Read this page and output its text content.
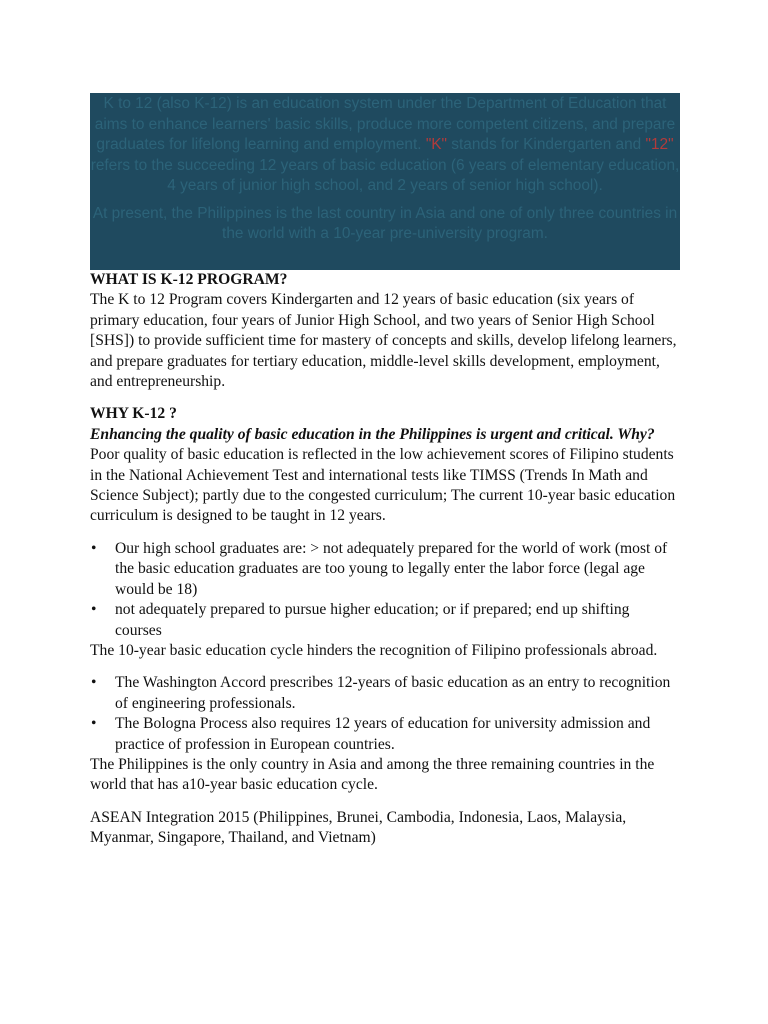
K to 12 (also K-12) is an education system under the Department of Education that aims to enhance learners' basic skills, produce more competent citizens, and prepare graduates for lifelong learning and employment. "K" stands for Kindergarten and "12" refers to the succeeding 12 years of basic education (6 years of elementary education, 4 years of junior high school, and 2 years of senior high school).

At present, the Philippines is the last country in Asia and one of only three countries in the world with a 10-year pre-university program.

WHAT IS K-12 PROGRAM?

The K to 12 Program covers Kindergarten and 12 years of basic education (six years of primary education, four years of Junior High School, and two years of Senior High School [SHS]) to provide sufficient time for mastery of concepts and skills, develop lifelong learners, and prepare graduates for tertiary education, middle-level skills development, employment, and entrepreneurship.

WHY K-12 ?

Enhancing the quality of basic education in the Philippines is urgent and critical. Why?

Poor quality of basic education is reflected in the low achievement scores of Filipino students in the National Achievement Test and international tests like TIMSS (Trends In Math and Science Subject); partly due to the congested curriculum; The current 10-year basic education curriculum is designed to be taught in 12 years.

• Our high school graduates are: > not adequately prepared for the world of work (most of the basic education graduates are too young to legally enter the labor force (legal age would be 18)
• not adequately prepared to pursue higher education; or if prepared; end up shifting courses

The 10-year basic education cycle hinders the recognition of Filipino professionals abroad.

• The Washington Accord prescribes 12-years of basic education as an entry to recognition of engineering professionals.
• The Bologna Process also requires 12 years of education for university admission and practice of profession in European countries.

The Philippines is the only country in Asia and among the three remaining countries in the world that has a10-year basic education cycle.

ASEAN Integration 2015 (Philippines, Brunei, Cambodia, Indonesia, Laos, Malaysia, Myanmar, Singapore, Thailand, and Vietnam)
